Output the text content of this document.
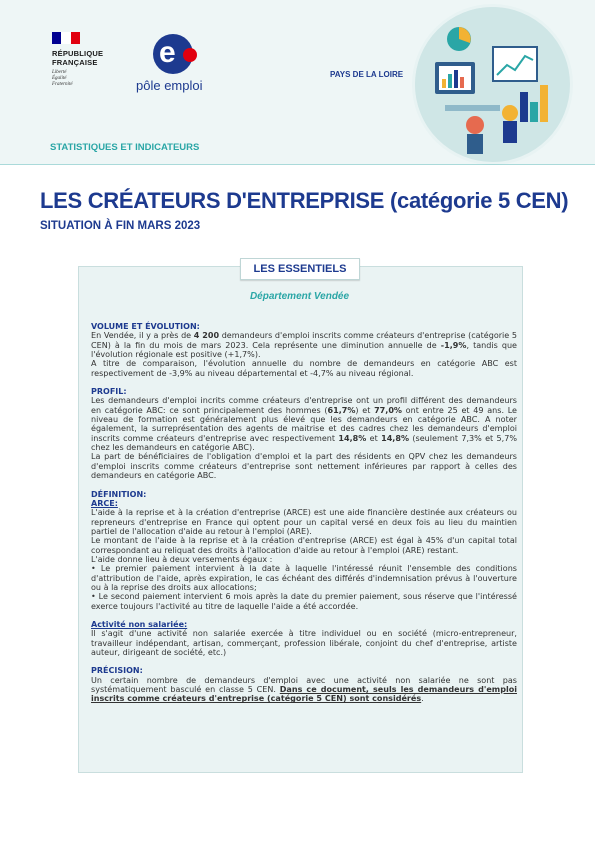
RÉPUBLIQUE
FRANÇAISE
Liberté
Égalité
Fraternité
e
pôle emploi
PAYS DE LA LOIRE
STATISTIQUES ET INDICATEURS
LES CRÉATEURS D'ENTREPRISE (catégorie 5 CEN)
SITUATION À FIN MARS 2023
LES ESSENTIELS
Département Vendée

VOLUME ET ÉVOLUTION:

En Vendée, il y a près de 4 200 demandeurs d'emploi inscrits comme créateurs d'entreprise (catégorie 5 CEN) à la fin du mois de mars 2023. Cela représente une diminution annuelle de -1,9%, tandis que l'évolution régionale est positive (+1,7%).

A titre de comparaison, l'évolution annuelle du nombre de demandeurs en catégorie ABC est respectivement de -3,9% au niveau départemental et -4,7% au niveau régional.

PROFIL:

Les demandeurs d'emploi incrits comme créateurs d'entreprise ont un profil différent des demandeurs en catégorie ABC: ce sont principalement des hommes (61,7%) et 77,0% ont entre 25 et 49 ans. Le niveau de formation est généralement plus élevé que les demandeurs en catégorie ABC. A noter également, la surreprésentation des agents de maitrise et des cadres chez les demandeurs d'emploi inscrits comme créateurs d'entreprise avec respectivement 14,8% et 14,8% (seulement 7,3% et 5,7% chez les demandeurs en catégorie ABC).

La part de bénéficiaires de l'obligation d'emploi et la part des résidents en QPV chez les demandeurs d'emploi inscrits comme créateurs d'entreprise sont nettement inférieures par rapport à celles des demandeurs en catégorie ABC.

DÉFINITION:

ARCE:

L'aide à la reprise et à la création d'entreprise (ARCE) est une aide financière destinée aux créateurs ou repreneurs d'entreprise en France qui optent pour un capital versé en deux fois au lieu du maintien partiel de l'allocation d'aide au retour à l'emploi (ARE).

Le montant de l'aide à la reprise et à la création d'entreprise (ARCE) est égal à 45% d'un capital total correspondant au reliquat des droits à l'allocation d'aide au retour à l'emploi (ARE) restant.

L'aide donne lieu à deux versements égaux :

• Le premier paiement intervient à la date à laquelle l'intéressé réunit l'ensemble des conditions d'attribution de l'aide, après expiration, le cas échéant des différés d'indemnisation prévus à l'ouverture ou à la reprise des droits aux allocations;

• Le second paiement intervient 6 mois après la date du premier paiement, sous réserve que l'intéressé exerce toujours l'activité au titre de laquelle l'aide a été accordée.

Activité non salariée:

Il s'agit d'une activité non salariée exercée à titre individuel ou en société (micro-entrepreneur, travailleur indépendant, artisan, commerçant, profession libérale, conjoint du chef d'entreprise, artiste auteur, dirigeant de société, etc.)

PRÉCISION:

Un certain nombre de demandeurs d'emploi avec une activité non salariée ne sont pas systématiquement basculé en classe 5 CEN. Dans ce document, seuls les demandeurs d'emploi inscrits comme créateurs d'entreprise (catégorie 5 CEN) sont considérés.
